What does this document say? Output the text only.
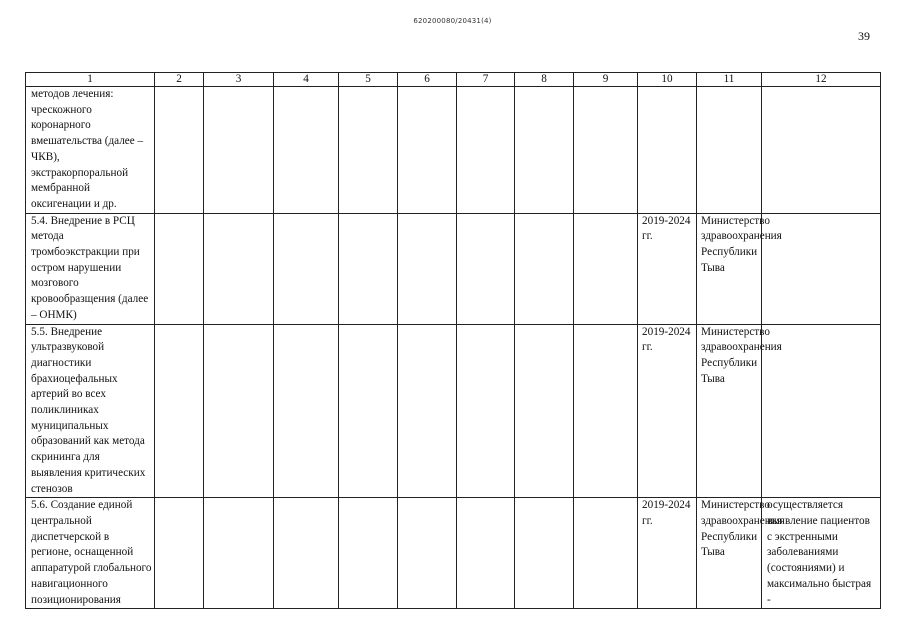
620200080/20431(4)
39
1	2	3	4	5	6	7	8	9	10	11	12
методов лечения: чрескожного коронарного вмешательства (далее – ЧКВ), экстракорпоральной мембранной оксигенации и др.											
5.4. Внедрение в РСЦ метода тромбоэкстракции при остром нарушении мозгового кровообразщения (далее – ОНМК)									2019-2024 гг.	Министерство здравоохранения Республики Тыва	
5.5. Внедрение ультразвуковой диагностики брахиоцефальных артерий во всех поликлиниках муниципальных образований как метода скрининга для выявления критических стенозов									2019-2024 гг.	Министерство здравоохранения Республики Тыва	
5.6. Создание единой центральной диспетчерской в регионе, оснащенной аппаратурой глобального навигационного позиционирования									2019-2024 гг.	Министерство здравоохранения Республики Тыва	осуществляется выявление пациентов с экстренными заболеваниями (состояниями) и максимально быстрая -
